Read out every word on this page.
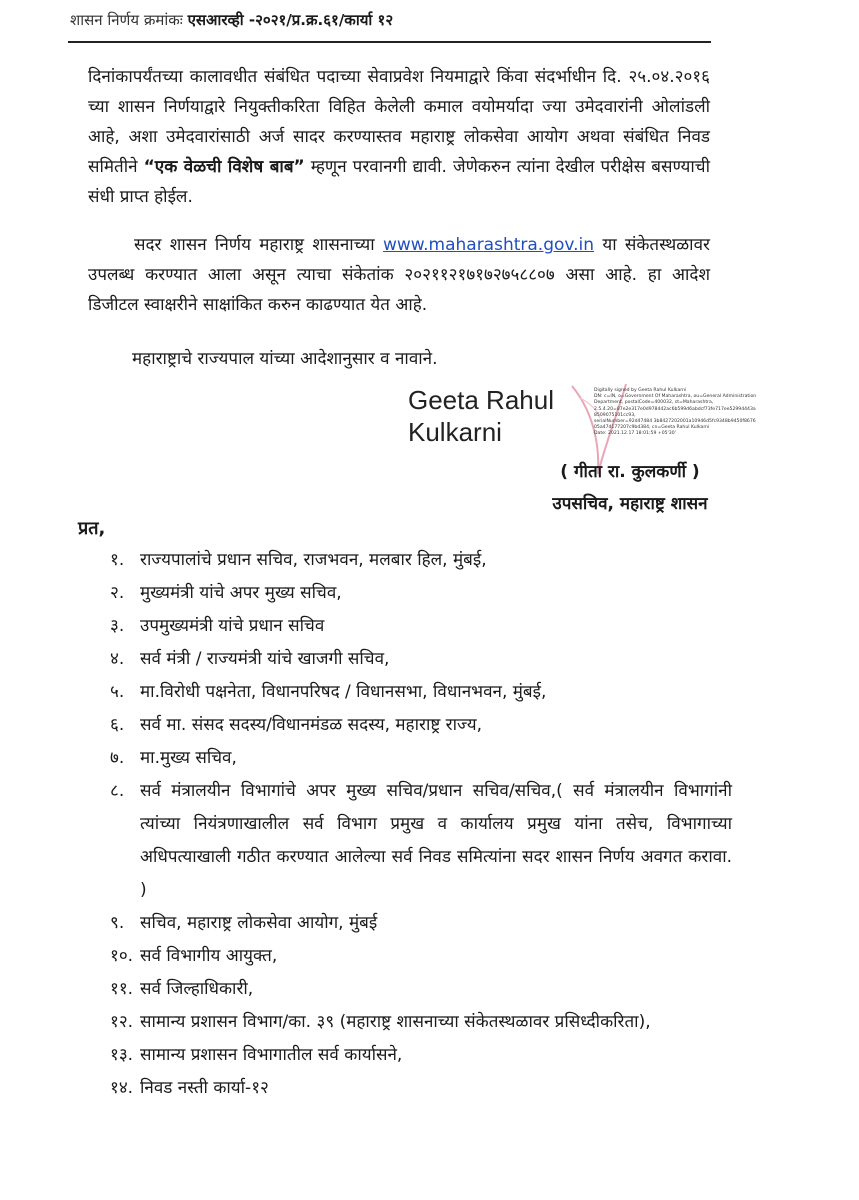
शासन निर्णय क्रमांकः एसआरव्ही -२०२१/प्र.क्र.६१/कार्या १२
दिनांकापर्यंतच्या कालावधीत संबंधित पदाच्या सेवाप्रवेश नियमाद्वारे किंवा संदर्भाधीन दि. २५.०४.२०१६ च्या शासन निर्णयाद्वारे नियुक्तीकरिता विहित केलेली कमाल वयोमर्यादा ज्या उमेदवारांनी ओलांडली आहे, अशा उमेदवारांसाठी अर्ज सादर करण्यास्तव महाराष्ट्र लोकसेवा आयोग अथवा संबंधित निवड समितीने “एक वेळची विशेष बाब” म्हणून परवानगी द्यावी. जेणेकरुन त्यांना देखील परीक्षेस बसण्याची संधी प्राप्त होईल.
सदर शासन निर्णय महाराष्ट्र शासनाच्या www.maharashtra.gov.in या संकेतस्थळावर उपलब्ध करण्यात आला असून त्याचा संकेतांक २०२११२१७१७२७५८८०७ असा आहे. हा आदेश डिजीटल स्वाक्षरीने साक्षांकित करुन काढण्यात येत आहे.
महाराष्ट्राचे राज्यपाल यांच्या आदेशानुसार व नावाने.
Geeta Rahul
Kulkarni
Digitally signed by Geeta Rahul Kulkarni
DN: c=IN, o=Government Of Maharashtra, ou=General Administration
Department, postalCode=400032, st=Maharashtra,
2.5.4.20=87e2e317e0d978442ac6b599d6abdcf73fe717ee52994443a
8509075101cc93,
serialNumber=92d47484 3b8427202001a10946d5fc9348b9450f8676
05a47d177207c9bd384, cn=Geeta Rahul Kulkarni
Date: 2021.12.17 18:01:59 +05'30'
( गीता रा. कुलकर्णी )
उपसचिव, महाराष्ट्र शासन
प्रत,
१. राज्यपालांचे प्रधान सचिव, राजभवन, मलबार हिल, मुंबई,
२. मुख्यमंत्री यांचे अपर मुख्य सचिव,
३. उपमुख्यमंत्री यांचे प्रधान सचिव
४. सर्व मंत्री / राज्यमंत्री यांचे खाजगी सचिव,
५. मा.विरोधी पक्षनेता, विधानपरिषद / विधानसभा, विधानभवन, मुंबई,
६. सर्व मा. संसद सदस्य/विधानमंडळ सदस्य, महाराष्ट्र राज्य,
७. मा.मुख्य सचिव,
८. सर्व मंत्रालयीन विभागांचे अपर मुख्य सचिव/प्रधान सचिव/सचिव,( सर्व मंत्रालयीन विभागांनी त्यांच्या नियंत्रणाखालील सर्व विभाग प्रमुख व कार्यालय प्रमुख यांना तसेच, विभागाच्या अधिपत्याखाली गठीत करण्यात आलेल्या सर्व निवड समित्यांना सदर शासन निर्णय अवगत करावा. )
९. सचिव, महाराष्ट्र लोकसेवा आयोग, मुंबई
१०. सर्व विभागीय आयुक्त,
११. सर्व जिल्हाधिकारी,
१२. सामान्य प्रशासन विभाग/का. ३९ (महाराष्ट्र शासनाच्या संकेतस्थळावर प्रसिध्दीकरिता),
१३. सामान्य प्रशासन विभागातील सर्व कार्यासने,
१४. निवड नस्ती कार्या-१२
